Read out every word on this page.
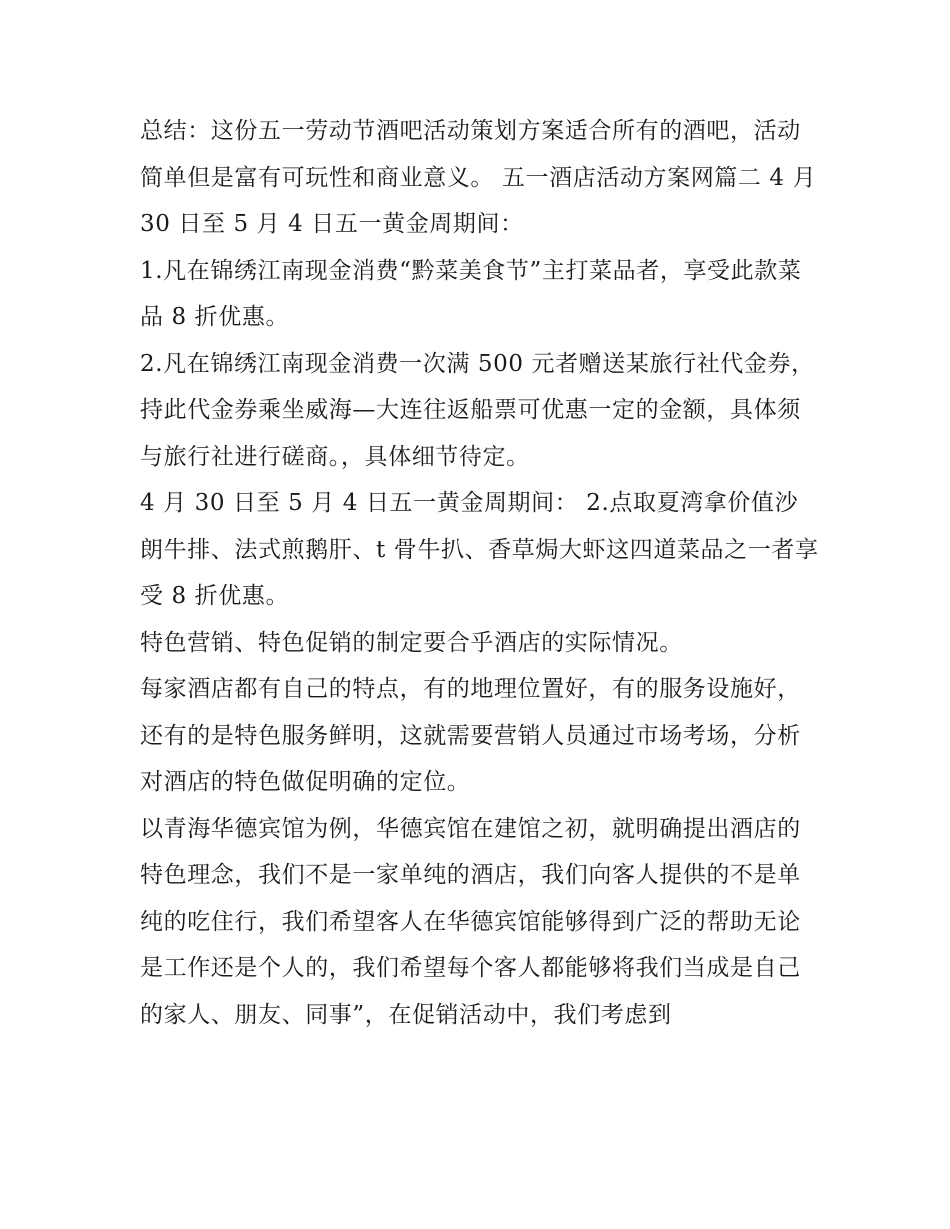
总结：这份五一劳动节酒吧活动策划方案适合所有的酒吧，活动简单但是富有可玩性和商业意义。 五一酒店活动方案网篇二 4 月 30 日至 5 月 4 日五一黄金周期间：

1.凡在锦绣江南现金消费“黔菜美食节”主打菜品者，享受此款菜品 8 折优惠。

2.凡在锦绣江南现金消费一次满 500 元者赠送某旅行社代金券，持此代金券乘坐威海—大连往返船票可优惠一定的金额，具体须与旅行社进行磋商。，具体细节待定。

4 月 30 日至 5 月 4 日五一黄金周期间： 2.点取夏湾拿价值沙朗牛排、法式煎鹅肝、t 骨牛扒、香草焗大虾这四道菜品之一者享受 8 折优惠。

特色营销、特色促销的制定要合乎酒店的实际情况。

每家酒店都有自己的特点，有的地理位置好，有的服务设施好，还有的是特色服务鲜明，这就需要营销人员通过市场考场，分析对酒店的特色做促明确的定位。

以青海华德宾馆为例，华德宾馆在建馆之初，就明确提出酒店的特色理念，我们不是一家单纯的酒店，我们向客人提供的不是单纯的吃住行，我们希望客人在华德宾馆能够得到广泛的帮助无论是工作还是个人的，我们希望每个客人都能够将我们当成是自己的家人、朋友、同事”，在促销活动中，我们考虑到
